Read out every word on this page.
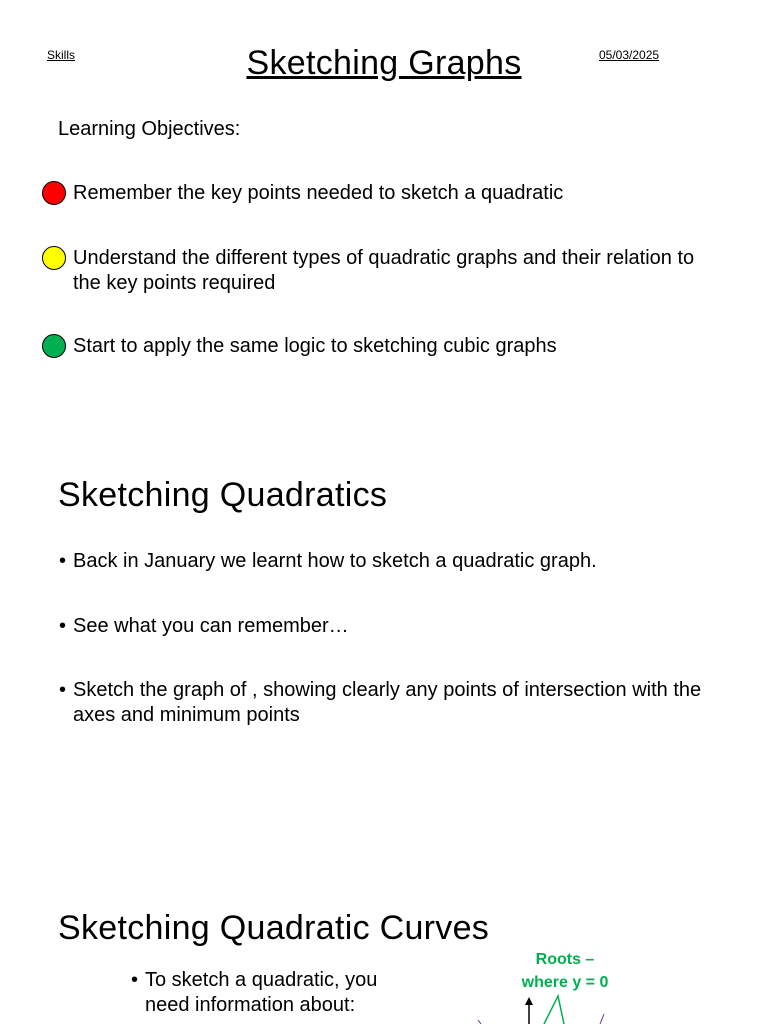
Skills	Sketching Graphs	05/03/2025
Learning Objectives:
Remember the key points needed to sketch a quadratic
Understand the different types of quadratic graphs and their relation to the key points required
Start to apply the same logic to sketching cubic graphs
Sketching Quadratics
• Back in January we learnt how to sketch a quadratic graph.
• See what you can remember…
• Sketch the graph of , showing clearly any points of intersection with the axes and minimum points
Sketching Quadratic Curves
• To sketch a quadratic, you need information about:
Roots –
where y = 0
